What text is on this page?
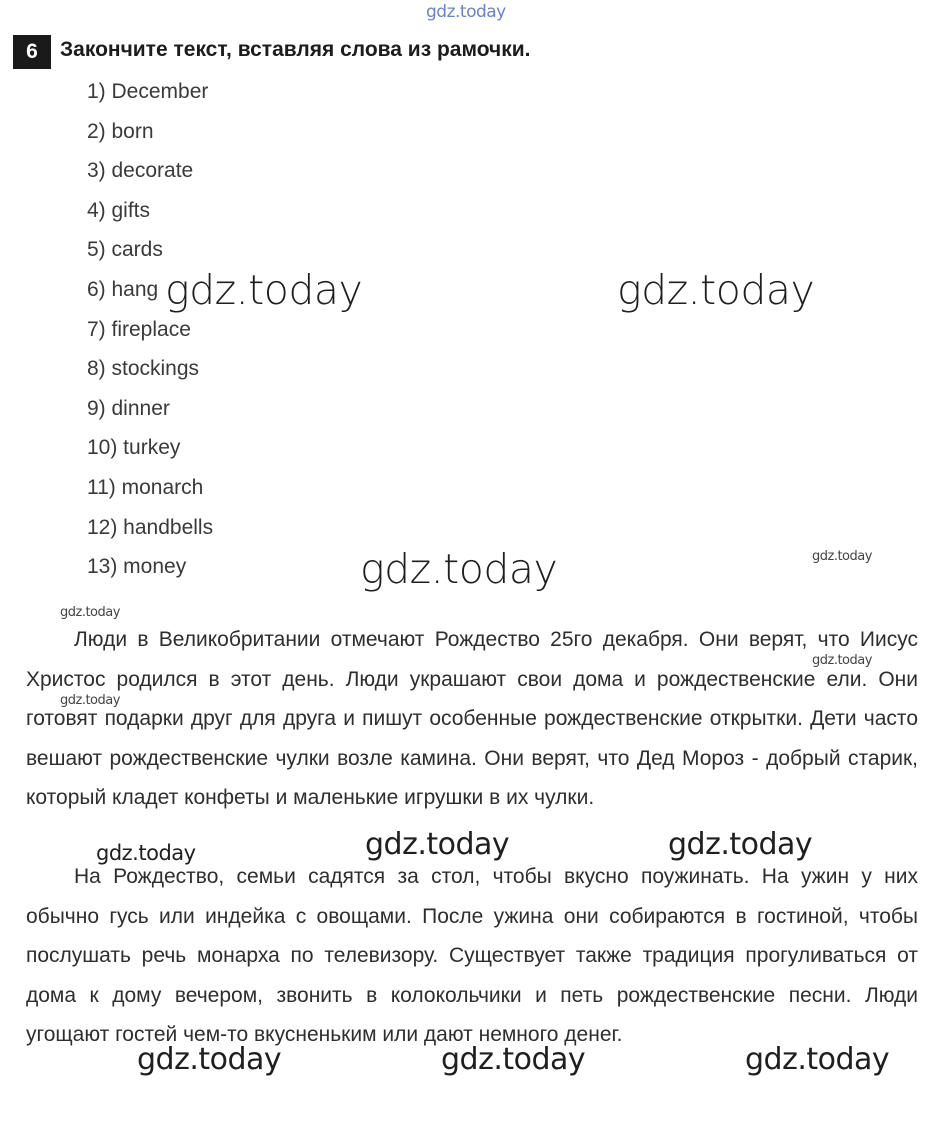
gdz.today
6	Закончите текст, вставляя слова из рамочки.
1) December
2) born
3) decorate
4) gifts
5) cards
6) hang
7) fireplace
8) stockings
9) dinner
10) turkey
11) monarch
12) handbells
13) money

Люди в Великобритании отмечают Рождество 25го декабря. Они верят, что Иисус Христос родился в этот день. Люди украшают свои дома и рождественские ели. Они готовят подарки друг для друга и пишут особенные рождественские открытки. Дети часто вешают рождественские чулки возле камина. Они верят, что Дед Мороз - добрый старик, который кладет конфеты и маленькие игрушки в их чулки.

На Рождество, семьи садятся за стол, чтобы вкусно поужинать. На ужин у них обычно гусь или индейка с овощами. После ужина они собираются в гостиной, чтобы послушать речь монарха по телевизору. Существует также традиция прогуливаться от дома к дому вечером, звонить в колокольчики и петь рождественские песни. Люди угощают гостей чем-то вкусненьким или дают немного денег.

gdz.today	gdz.today
gdz.today	gdz.today
gdz.today
gdz.today
gdz.today
gdz.today	gdz.today	gdz.today
gdz.today	gdz.today	gdz.today
